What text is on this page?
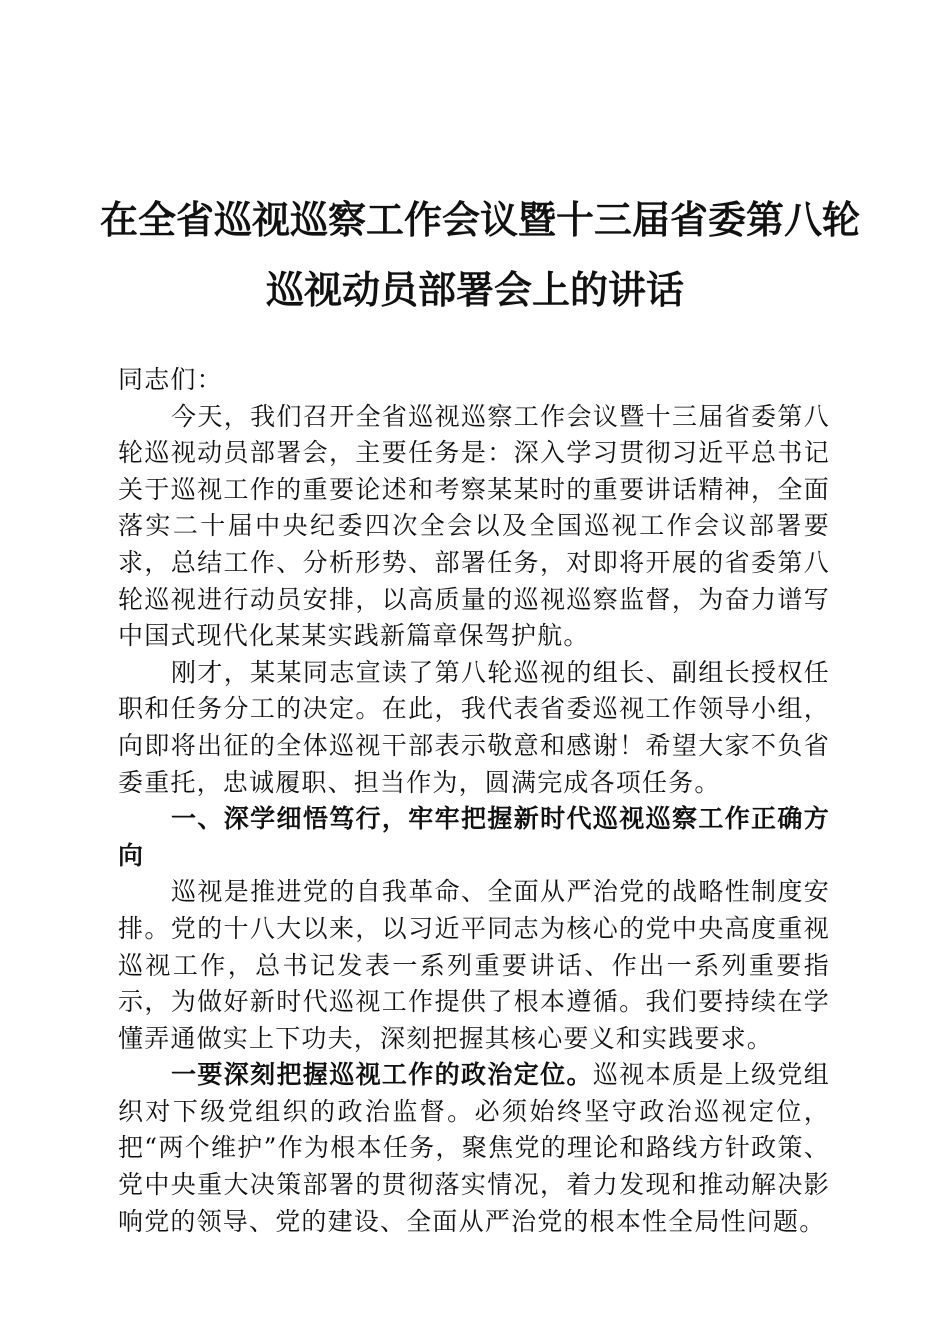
在全省巡视巡察工作会议暨十三届省委第八轮
巡视动员部署会上的讲话

同志们：

今天，我们召开全省巡视巡察工作会议暨十三届省委第八轮巡视动员部署会，主要任务是：深入学习贯彻习近平总书记关于巡视工作的重要论述和考察某某时的重要讲话精神，全面落实二十届中央纪委四次全会以及全国巡视工作会议部署要求，总结工作、分析形势、部署任务，对即将开展的省委第八轮巡视进行动员安排，以高质量的巡视巡察监督，为奋力谱写中国式现代化某某实践新篇章保驾护航。

刚才，某某同志宣读了第八轮巡视的组长、副组长授权任职和任务分工的决定。在此，我代表省委巡视工作领导小组，向即将出征的全体巡视干部表示敬意和感谢！希望大家不负省委重托，忠诚履职、担当作为，圆满完成各项任务。

一、深学细悟笃行，牢牢把握新时代巡视巡察工作正确方向

巡视是推进党的自我革命、全面从严治党的战略性制度安排。党的十八大以来，以习近平同志为核心的党中央高度重视巡视工作，总书记发表一系列重要讲话、作出一系列重要指示，为做好新时代巡视工作提供了根本遵循。我们要持续在学懂弄通做实上下功夫，深刻把握其核心要义和实践要求。

一要深刻把握巡视工作的政治定位。巡视本质是上级党组织对下级党组织的政治监督。必须始终坚守政治巡视定位，把“两个维护”作为根本任务，聚焦党的理论和路线方针政策、党中央重大决策部署的贯彻落实情况，着力发现和推动解决影响党的领导、党的建设、全面从严治党的根本性全局性问题。
